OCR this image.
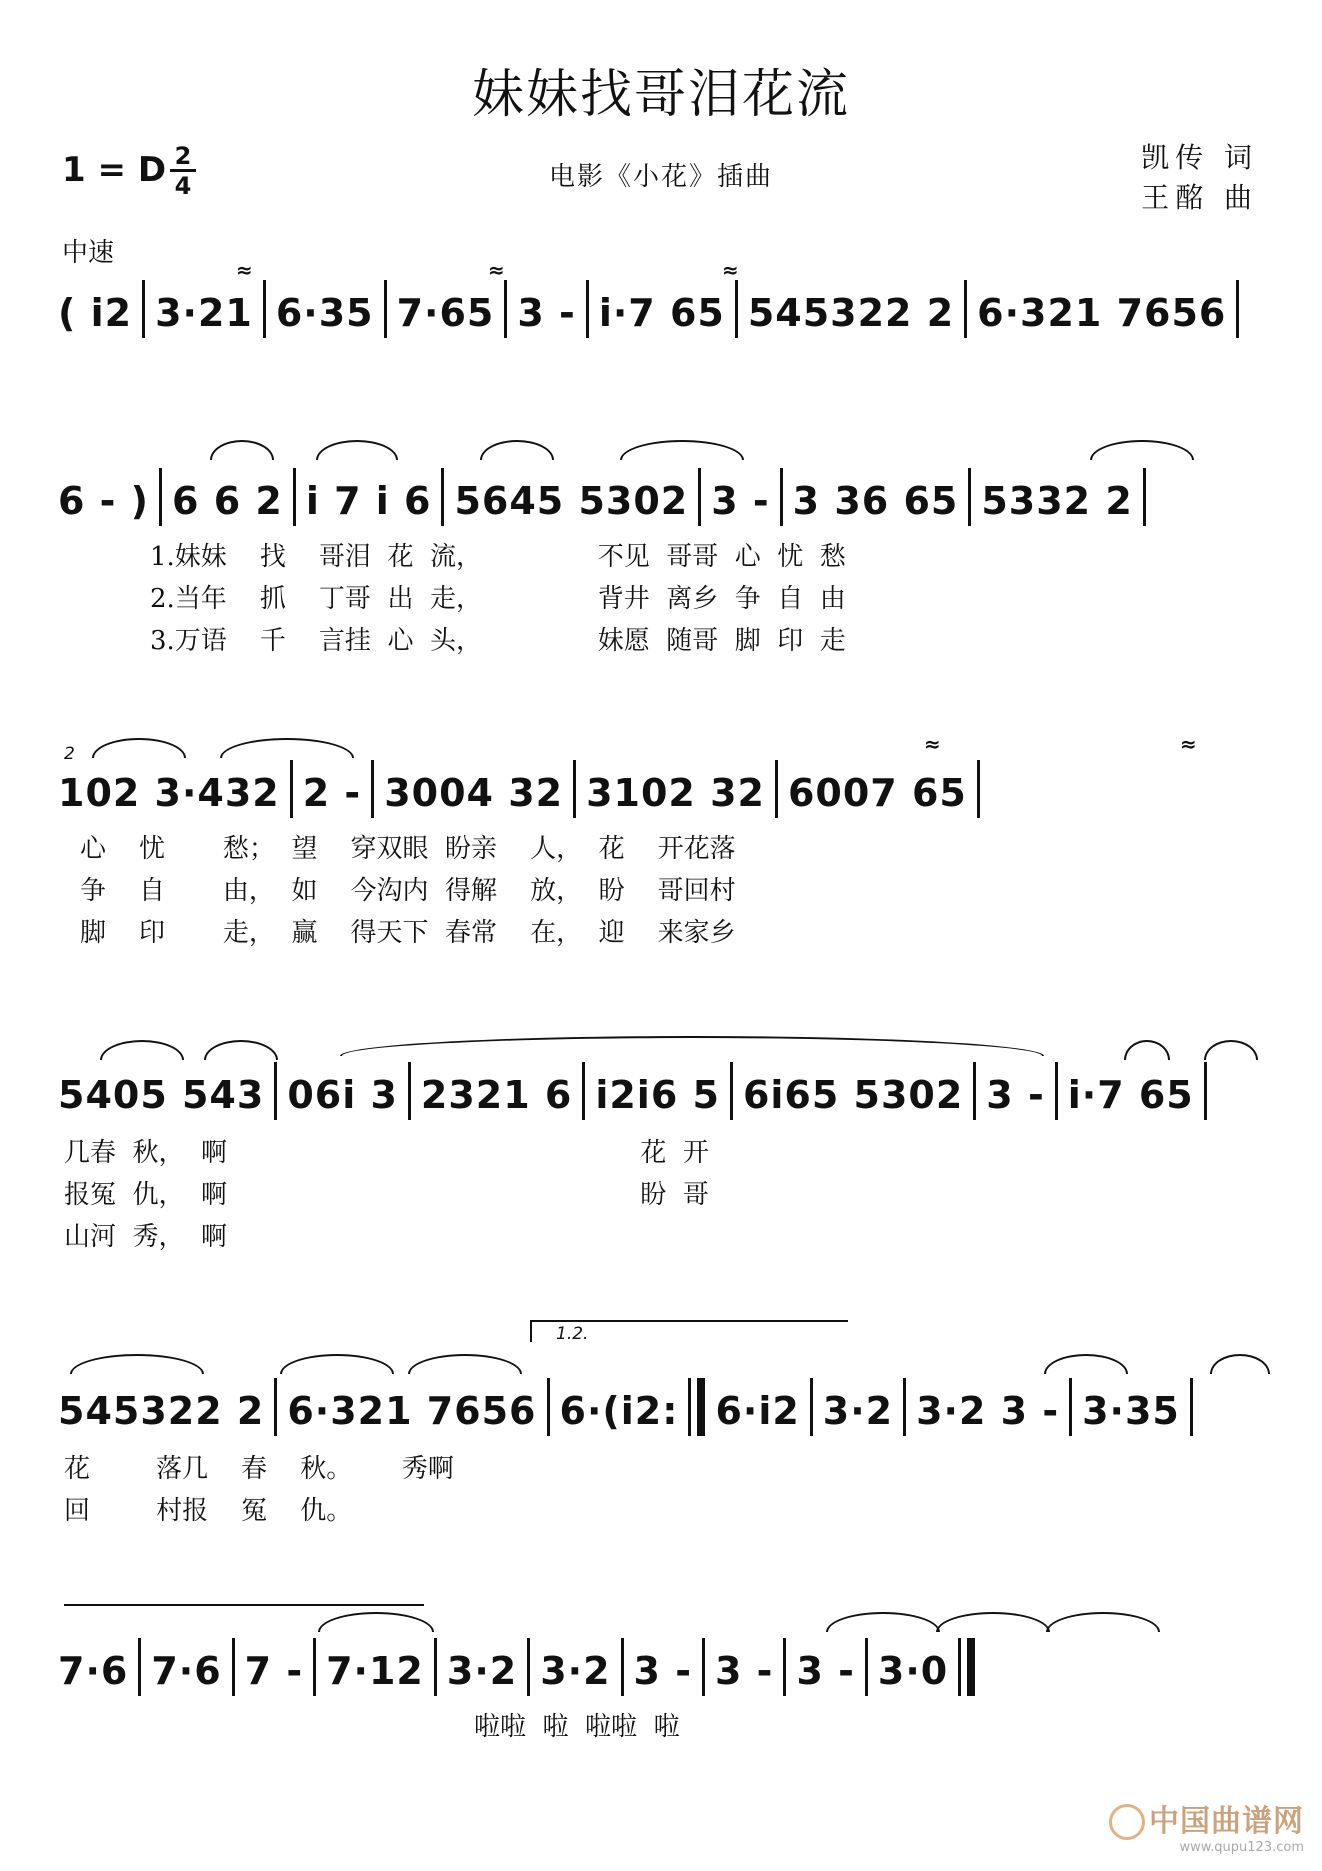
妹妹找哥泪花流
1 = D 2
4	电影《小花》插曲
凯传 词
王酩 曲
中速
( i23·216·357·653 -i·7 65545322 26·321 7656
≈	≈	≈
6 - )6 6 2i 7 i 65645 53023 -3 36 655332 2
1.妹妹    找    哥泪  花  流，              不见  哥哥  心  忧  愁
2.当年    抓    丁哥  出  走，              背井  离乡  争  自  由
3.万语    千    言挂  心  头，              妹愿  随哥  脚  印  走
102 3·4322 -3004 323102 326007 65
2	≈	≈
心    忧       愁；  望    穿双眼  盼亲    人，  花    开花落
争    自       由，  如    今沟内  得解    放，  盼    哥回村
脚    印       走，  赢    得天下  春常    在，  迎    来家乡
5405 54306i 32321 6i2i6 56i65 53023 -i·7 65
几春  秋，  啊                                                  花  开
报冤  仇，  啊                                                  盼  哥
山河  秀，  啊
1.2.
545322 26·321 76566·(i2:6·i23·23·2 3 -3·35
花        落几    春    秋。      秀啊
回        村报    冤    仇。
7·67·67 -7·123·23·23 -3 -3 -3·0
啦啦  啦  啦啦  啦
中国曲谱网
www.qupu123.com
